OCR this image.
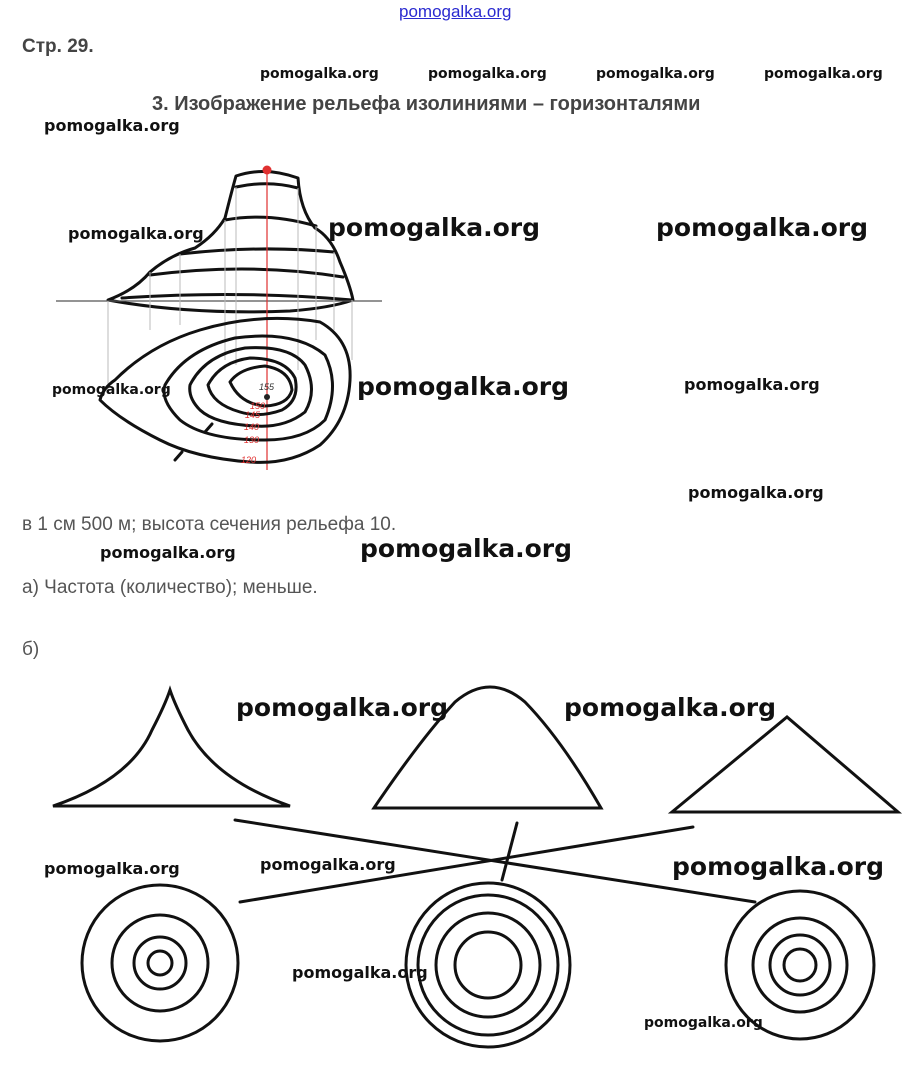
pomogalka.org
Стр. 29.
3. Изображение рельефа изолиниями – горизонталями
155
150
145
140
130
120
в 1 см 500 м; высота сечения рельефа 10.
а) Частота (количество); меньше.
б)
pomogalka.org	pomogalka.org	pomogalka.org	pomogalka.org
pomogalka.org
pomogalka.org	pomogalka.org	pomogalka.org
pomogalka.org	pomogalka.org	pomogalka.org
pomogalka.org
pomogalka.org	pomogalka.org
pomogalka.org	pomogalka.org
pomogalka.org	pomogalka.org	pomogalka.org
pomogalka.org
pomogalka.org
